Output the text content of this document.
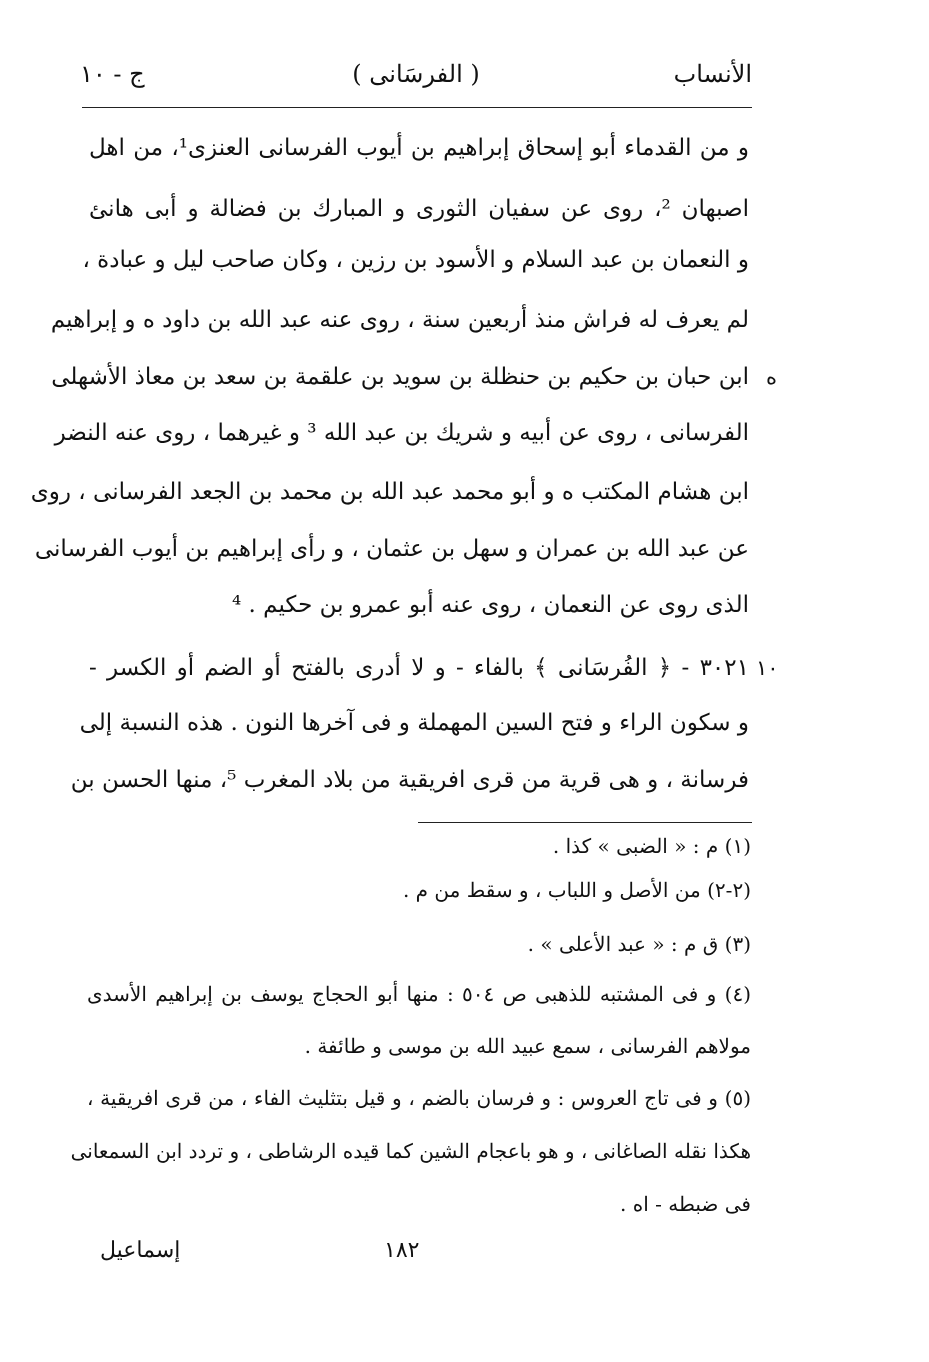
الأنساب
( الفرسَانى )
ج - ١٠
و من القدماء أبو إسحاق إبراهيم بن أيوب الفرسانى العنزى¹، من اهل
اصبهان ²، روى عن سفيان الثورى و المبارك بن فضالة و أبى هانئ
و النعمان بن عبد السلام و الأسود بن رزين ، وكان صاحب ليل و عبادة ،
لم يعرف له فراش منذ أربعين سنة ، روى عنه عبد الله بن داود ه و إبراهيم
ابن حبان بن حكيم بن حنظلة بن سويد بن علقمة بن سعد بن معاذ الأشهلى
الفرسانى ، روى عن أبيه و شريك بن عبد الله ³ و غيرهما ، روى عنه النضر
ابن هشام المكتب ه و أبو محمد عبد الله بن محمد بن الجعد الفرسانى ، روى
عن عبد الله بن عمران و سهل بن عثمان ، و رأى إبراهيم بن أيوب الفرسانى
الذى روى عن النعمان ، روى عنه أبو عمرو بن حكيم . ⁴
٣٠٢١ - ﴿ الفُرسَانى ﴾ بالفاء - و لا أدرى بالفتح أو الضم أو الكسر -
و سكون الراء و فتح السين المهملة و فى آخرها النون . هذه النسبة إلى
فرسانة ، و هى قرية من قرى افريقية من بلاد المغرب ⁵، منها الحسن بن
ه
١٠
(١) م : « الضبى » كذا .
(٢-٢) من الأصل و اللباب ، و سقط من م .
(٣) ق م : « عبد الأعلى » .
(٤) و فى المشتبه للذهبى ص ٥٠٤ : منها أبو الحجاج يوسف بن إبراهيم الأسدى
مولاهم الفرسانى ، سمع عبيد الله بن موسى و طائفة .
(٥) و فى تاج العروس : و فرسان بالضم ، و قيل بتثليث الفاء ، من قرى افريقية ،
هكذا نقله الصاغانى ، و هو باعجام الشين كما قيده الرشاطى ، و تردد ابن السمعانى
فى ضبطه - اه .
١٨٢
إسماعيل
